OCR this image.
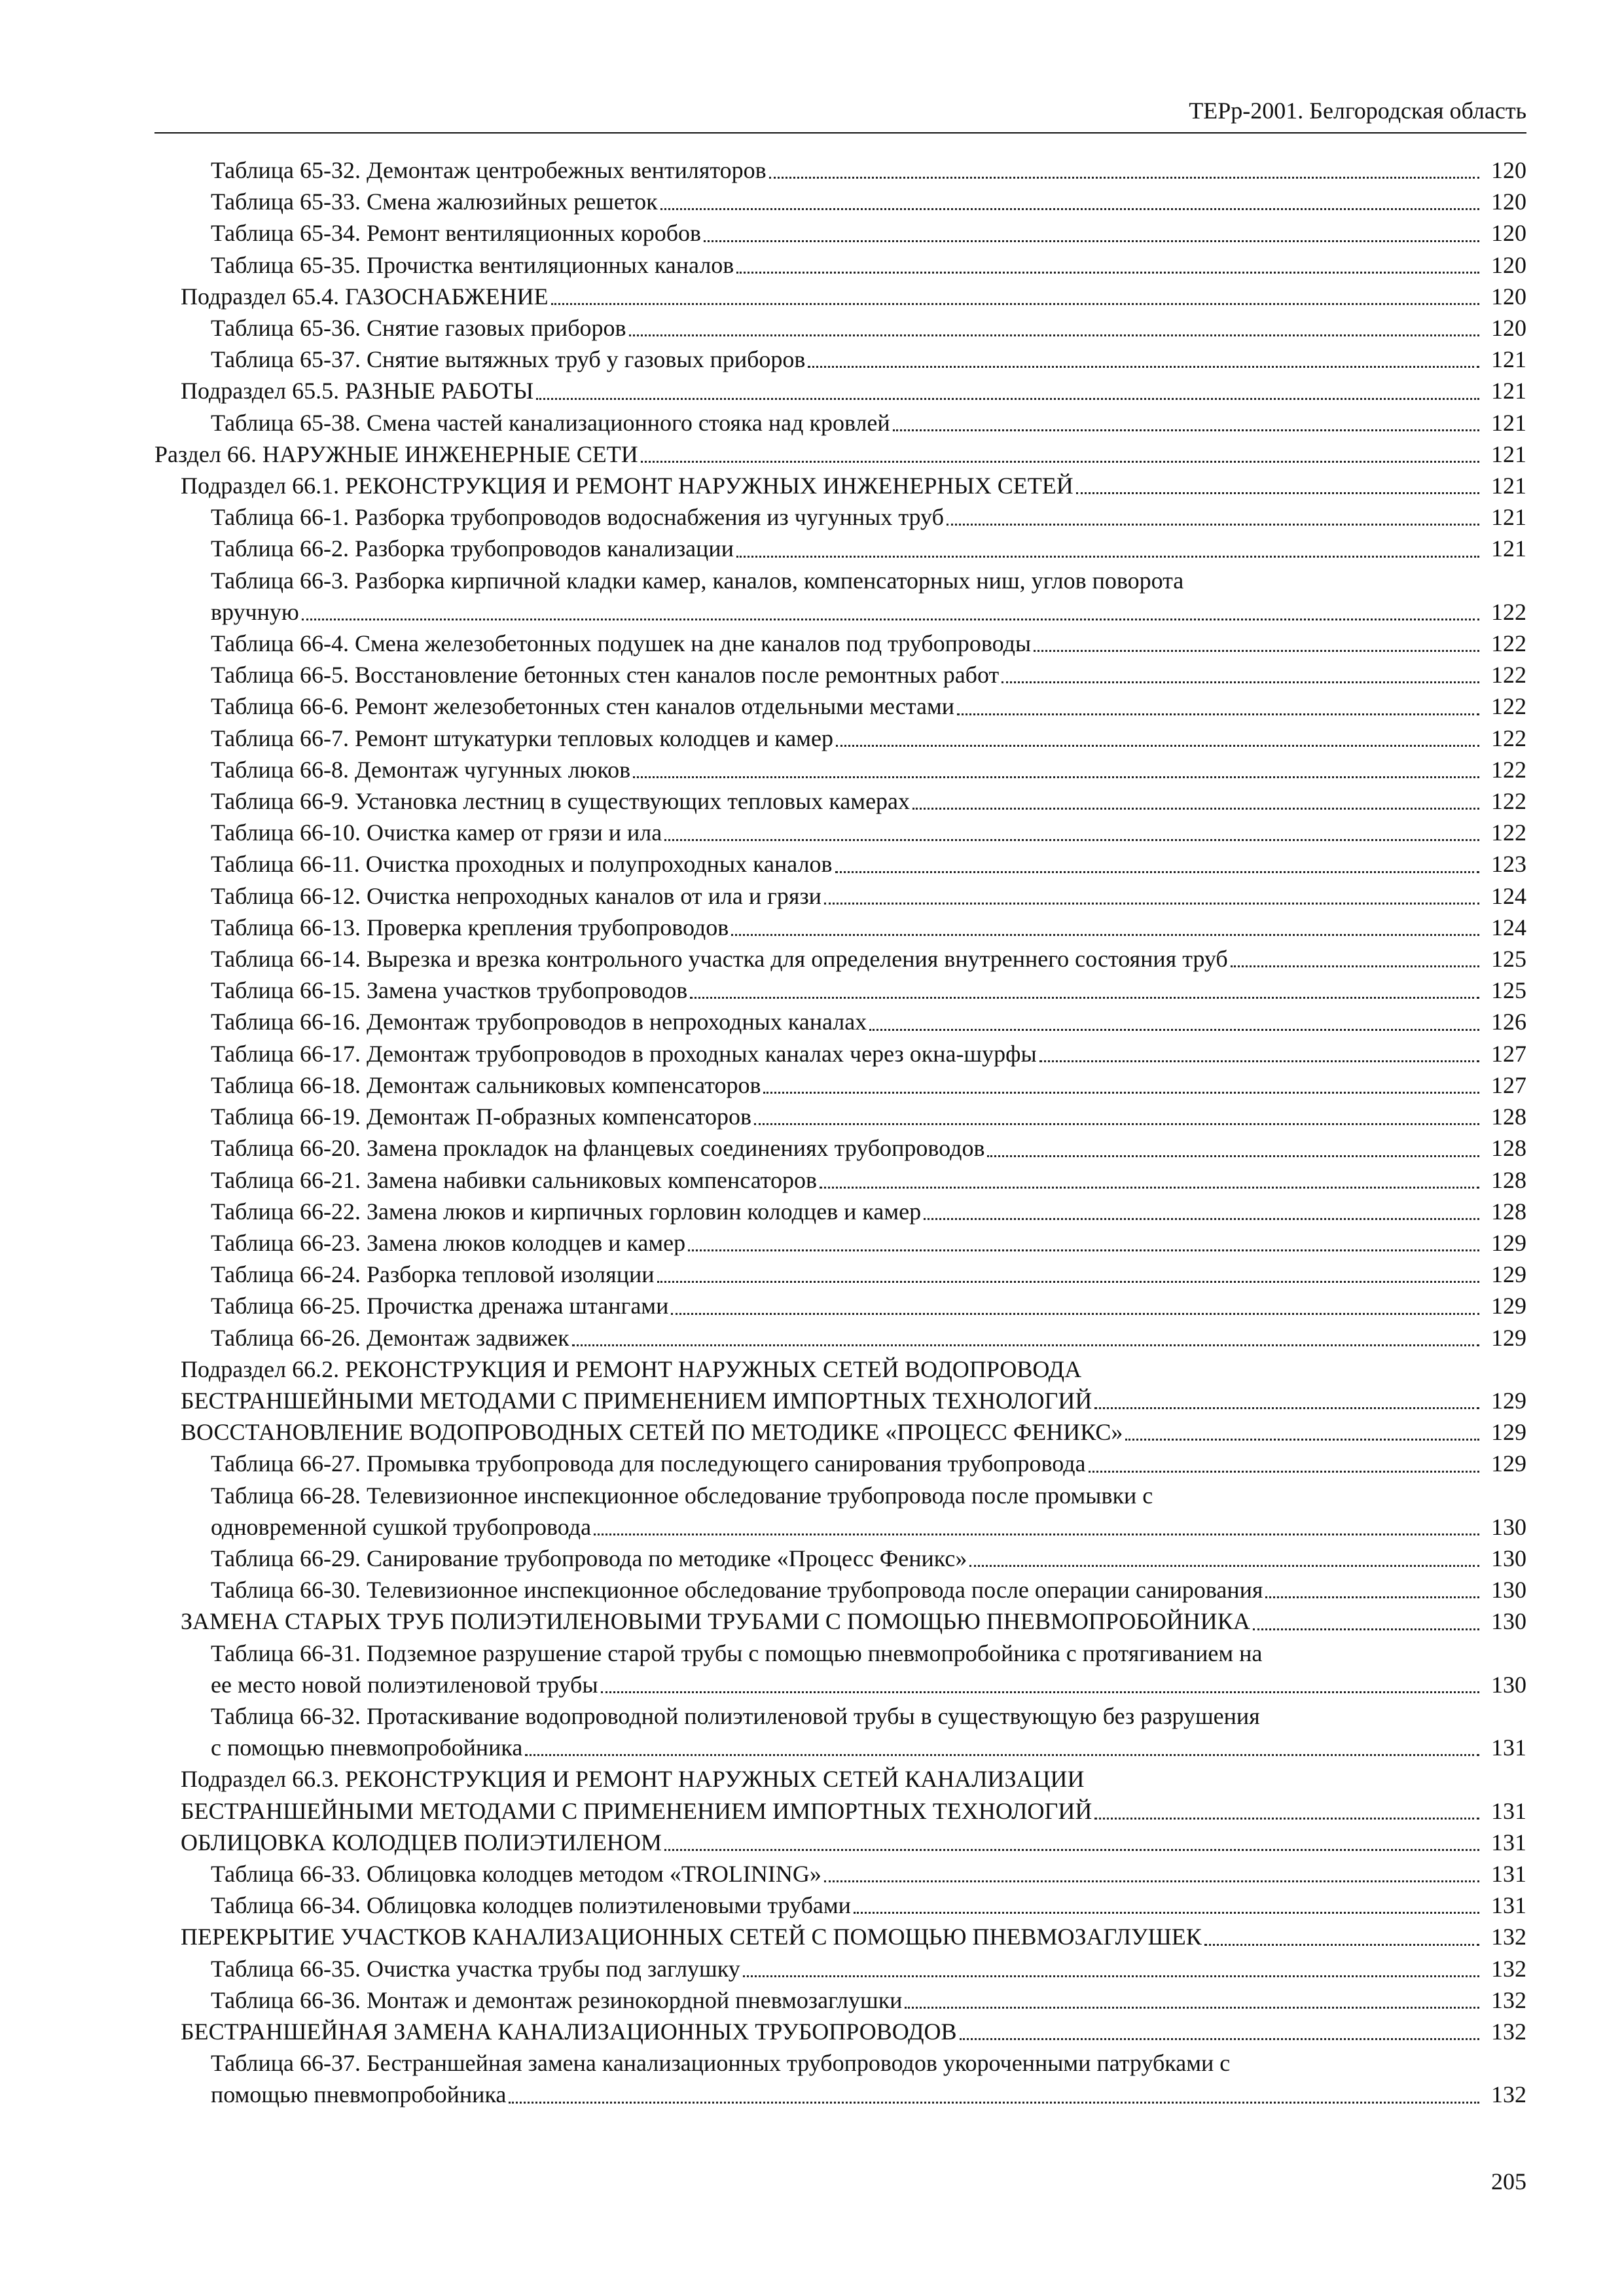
ТЕРр-2001. Белгородская область
Таблица 65-32. Демонтаж центробежных вентиляторов	120
Таблица 65-33. Смена жалюзийных решеток	120
Таблица 65-34. Ремонт вентиляционных коробов	120
Таблица 65-35. Прочистка вентиляционных каналов	120
Подраздел 65.4. ГАЗОСНАБЖЕНИЕ	120
Таблица 65-36. Снятие газовых приборов	120
Таблица 65-37. Снятие вытяжных труб у газовых приборов	121
Подраздел 65.5. РАЗНЫЕ РАБОТЫ	121
Таблица 65-38. Смена частей канализационного стояка над кровлей	121
Раздел 66. НАРУЖНЫЕ ИНЖЕНЕРНЫЕ СЕТИ	121
Подраздел 66.1. РЕКОНСТРУКЦИЯ И РЕМОНТ НАРУЖНЫХ ИНЖЕНЕРНЫХ СЕТЕЙ	121
Таблица 66-1. Разборка трубопроводов водоснабжения из чугунных труб	121
Таблица 66-2. Разборка трубопроводов канализации	121
Таблица 66-3. Разборка кирпичной кладки камер, каналов, компенсаторных ниш, углов поворота
вручную	122
Таблица 66-4. Смена железобетонных подушек на дне каналов под трубопроводы	122
Таблица 66-5. Восстановление бетонных стен каналов после ремонтных работ	122
Таблица 66-6. Ремонт железобетонных стен каналов отдельными местами	122
Таблица 66-7. Ремонт штукатурки тепловых колодцев и камер	122
Таблица 66-8. Демонтаж чугунных люков	122
Таблица 66-9. Установка лестниц в существующих тепловых камерах	122
Таблица 66-10. Очистка камер от грязи и ила	122
Таблица 66-11. Очистка проходных и полупроходных каналов	123
Таблица 66-12. Очистка непроходных каналов от ила и грязи	124
Таблица 66-13. Проверка крепления трубопроводов	124
Таблица 66-14. Вырезка и врезка контрольного участка для определения внутреннего состояния труб	125
Таблица 66-15. Замена участков трубопроводов	125
Таблица 66-16. Демонтаж трубопроводов в непроходных каналах	126
Таблица 66-17. Демонтаж трубопроводов в проходных каналах через окна-шурфы	127
Таблица 66-18. Демонтаж сальниковых компенсаторов	127
Таблица 66-19. Демонтаж П-образных компенсаторов	128
Таблица 66-20. Замена прокладок на фланцевых соединениях трубопроводов	128
Таблица 66-21. Замена набивки сальниковых компенсаторов	128
Таблица 66-22. Замена люков и кирпичных горловин колодцев и камер	128
Таблица 66-23. Замена люков колодцев и камер	129
Таблица 66-24. Разборка тепловой изоляции	129
Таблица 66-25. Прочистка дренажа штангами	129
Таблица 66-26. Демонтаж задвижек	129
Подраздел 66.2. РЕКОНСТРУКЦИЯ И РЕМОНТ НАРУЖНЫХ СЕТЕЙ ВОДОПРОВОДА
БЕСТРАНШЕЙНЫМИ МЕТОДАМИ С ПРИМЕНЕНИЕМ ИМПОРТНЫХ ТЕХНОЛОГИЙ	129
ВОССТАНОВЛЕНИЕ ВОДОПРОВОДНЫХ СЕТЕЙ ПО МЕТОДИКЕ «ПРОЦЕСС ФЕНИКС»	129
Таблица 66-27. Промывка трубопровода для последующего санирования трубопровода	129
Таблица 66-28. Телевизионное инспекционное обследование трубопровода после промывки с
одновременной сушкой трубопровода	130
Таблица 66-29. Санирование трубопровода по методике «Процесс Феникс»	130
Таблица 66-30. Телевизионное инспекционное обследование трубопровода после операции санирования	130
ЗАМЕНА СТАРЫХ ТРУБ ПОЛИЭТИЛЕНОВЫМИ ТРУБАМИ С ПОМОЩЬЮ ПНЕВМОПРОБОЙНИКА	130
Таблица 66-31. Подземное разрушение старой трубы с помощью пневмопробойника с протягиванием на
ее место новой полиэтиленовой трубы	130
Таблица 66-32. Протаскивание водопроводной полиэтиленовой трубы в существующую без разрушения
с помощью пневмопробойника	131
Подраздел 66.3. РЕКОНСТРУКЦИЯ И РЕМОНТ НАРУЖНЫХ СЕТЕЙ КАНАЛИЗАЦИИ
БЕСТРАНШЕЙНЫМИ МЕТОДАМИ С ПРИМЕНЕНИЕМ ИМПОРТНЫХ ТЕХНОЛОГИЙ	131
ОБЛИЦОВКА КОЛОДЦЕВ ПОЛИЭТИЛЕНОМ	131
Таблица 66-33. Облицовка колодцев методом «TROLINING»	131
Таблица 66-34. Облицовка колодцев полиэтиленовыми трубами	131
ПЕРЕКРЫТИЕ УЧАСТКОВ КАНАЛИЗАЦИОННЫХ СЕТЕЙ С ПОМОЩЬЮ ПНЕВМОЗАГЛУШЕК	132
Таблица 66-35. Очистка участка трубы под заглушку	132
Таблица 66-36. Монтаж и демонтаж резинокордной пневмозаглушки	132
БЕСТРАНШЕЙНАЯ ЗАМЕНА КАНАЛИЗАЦИОННЫХ ТРУБОПРОВОДОВ	132
Таблица 66-37. Бестраншейная замена канализационных трубопроводов укороченными патрубками с
помощью пневмопробойника	132
205
